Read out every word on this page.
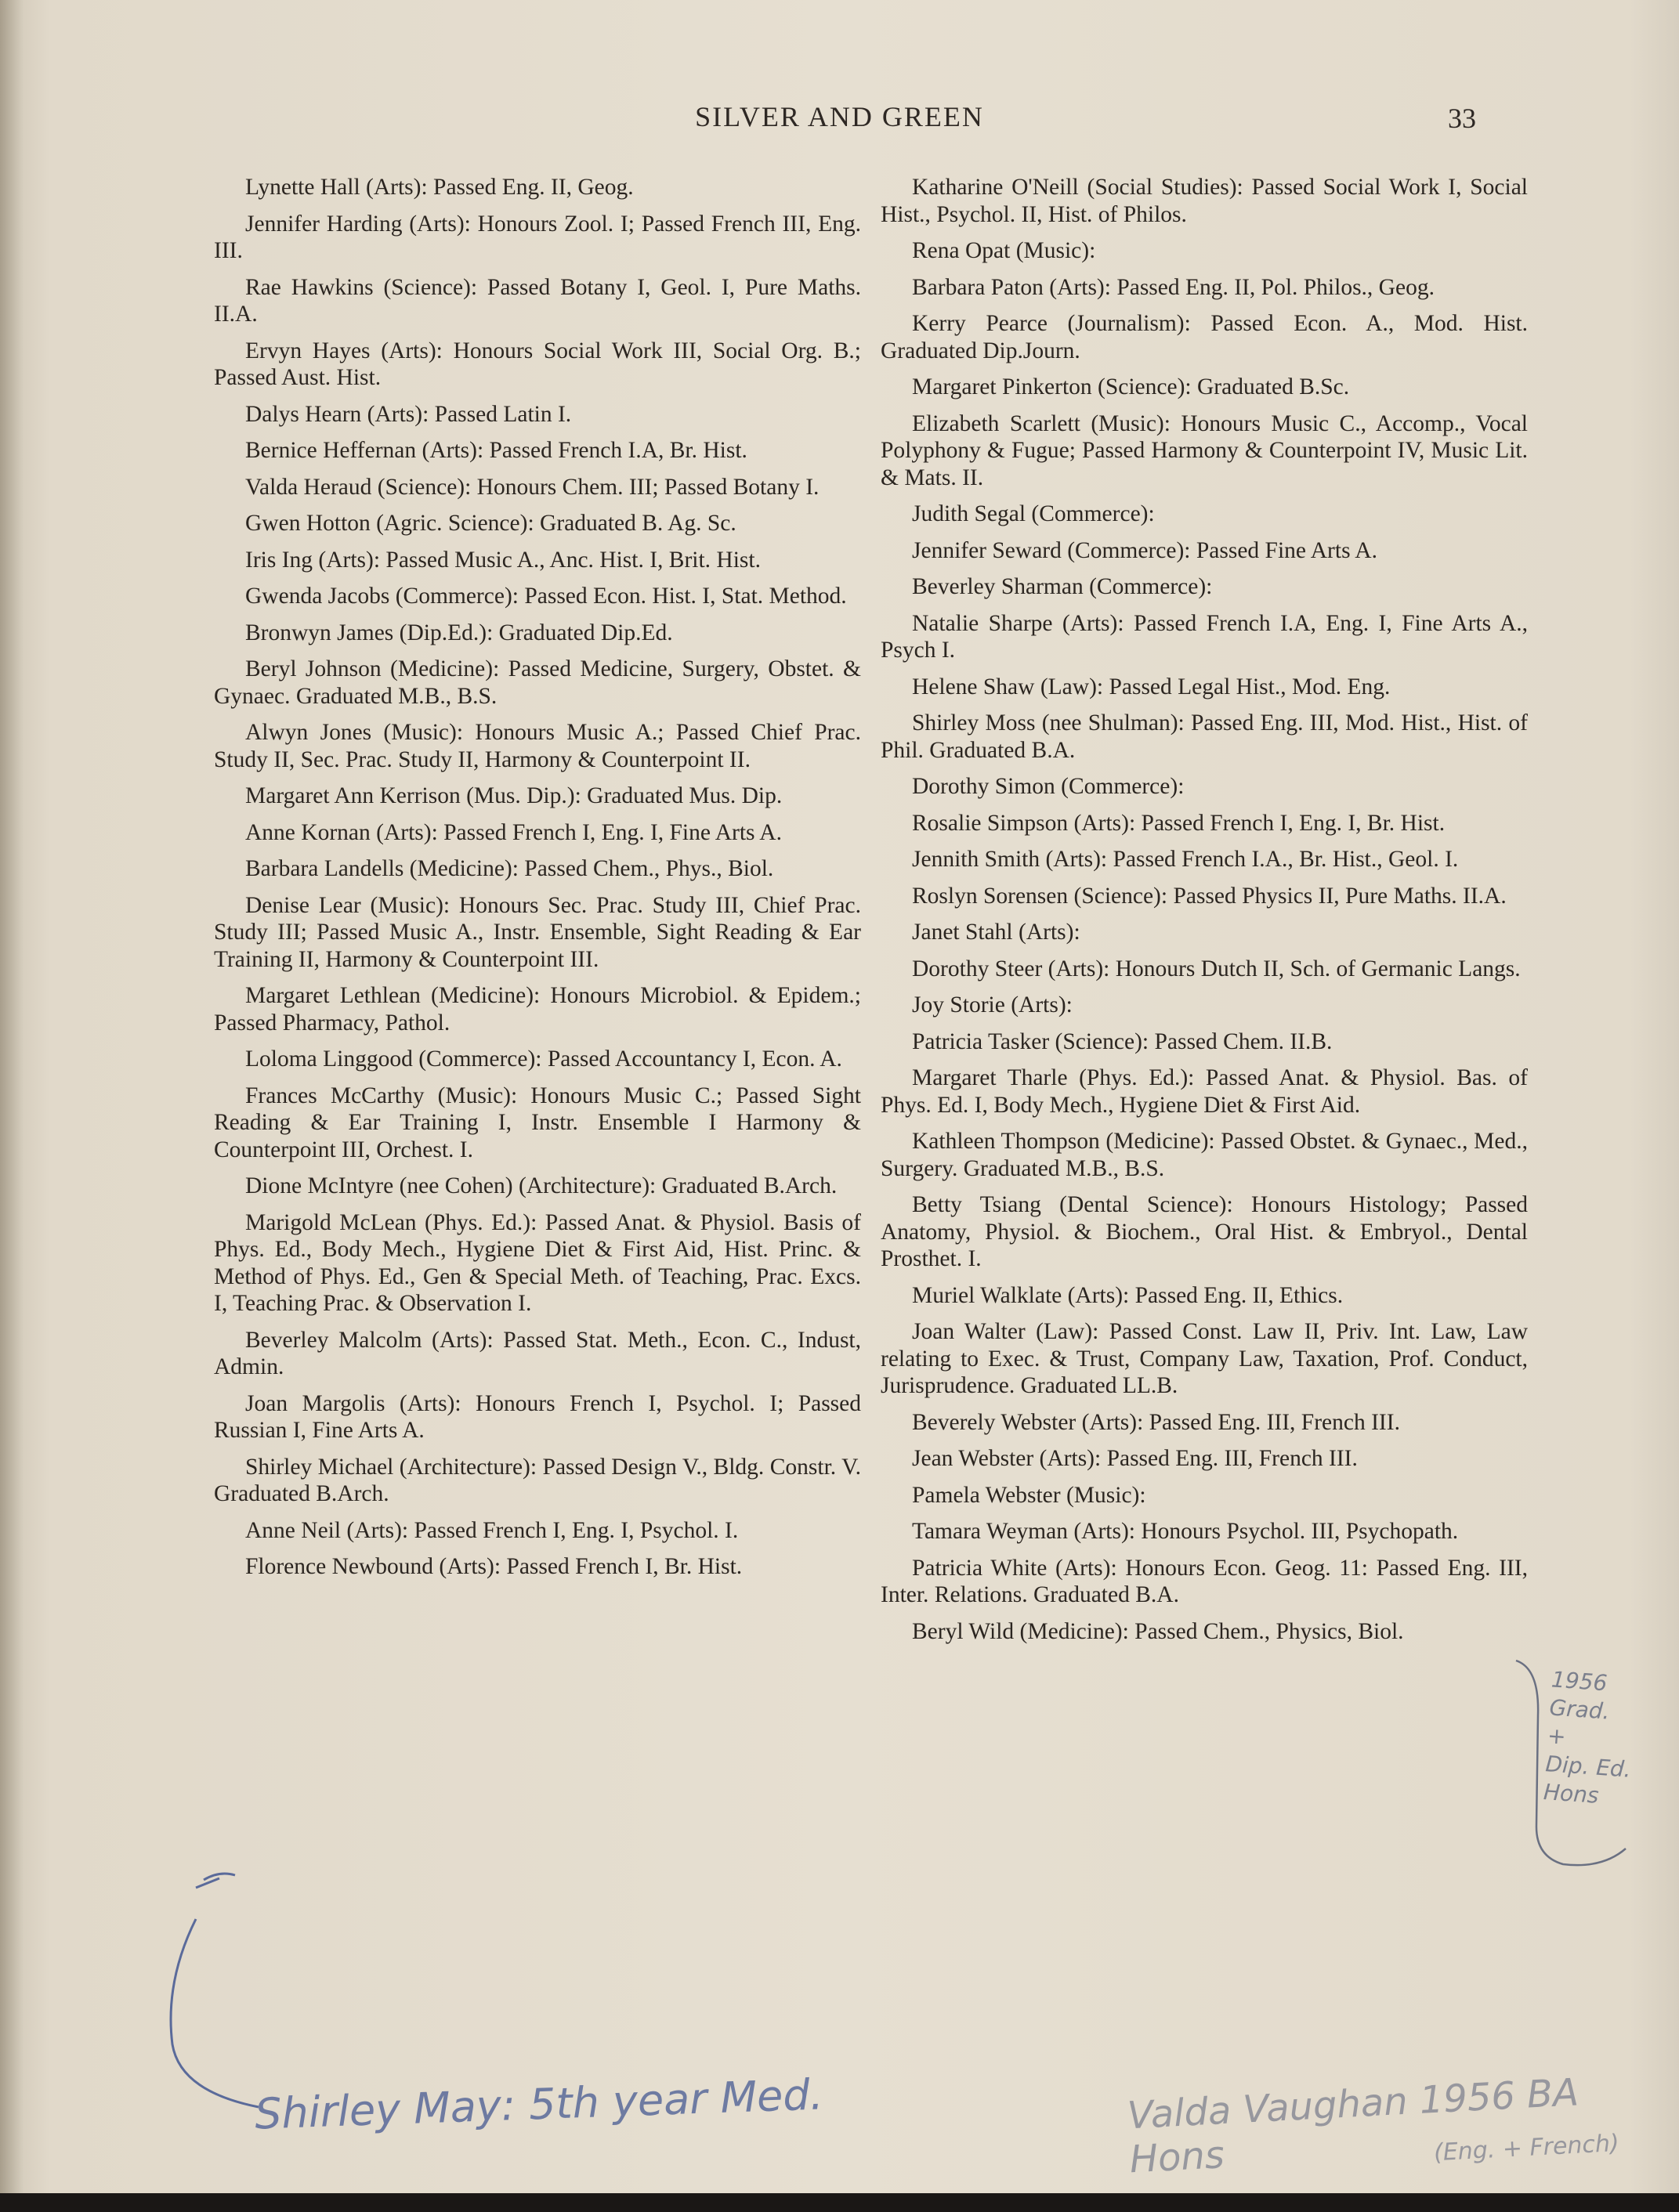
SILVER AND GREEN	33

Lynette Hall (Arts): Passed Eng. II, Geog.

Jennifer Harding (Arts): Honours Zool. I; Passed French III, Eng. III.

Rae Hawkins (Science): Passed Botany I, Geol. I, Pure Maths. II.A.

Ervyn Hayes (Arts): Honours Social Work III, Social Org. B.; Passed Aust. Hist.

Dalys Hearn (Arts): Passed Latin I.

Bernice Heffernan (Arts): Passed French I.A, Br. Hist.

Valda Heraud (Science): Honours Chem. III; Passed Botany I.

Gwen Hotton (Agric. Science): Graduated B. Ag. Sc.

Iris Ing (Arts): Passed Music A., Anc. Hist. I, Brit. Hist.

Gwenda Jacobs (Commerce): Passed Econ. Hist. I, Stat. Method.

Bronwyn James (Dip.Ed.): Graduated Dip.Ed.

Beryl Johnson (Medicine): Passed Medicine, Surgery, Obstet. & Gynaec. Graduated M.B., B.S.

Alwyn Jones (Music): Honours Music A.; Passed Chief Prac. Study II, Sec. Prac. Study II, Harmony & Counterpoint II.

Margaret Ann Kerrison (Mus. Dip.): Graduated Mus. Dip.

Anne Kornan (Arts): Passed French I, Eng. I, Fine Arts A.

Barbara Landells (Medicine): Passed Chem., Phys., Biol.

Denise Lear (Music): Honours Sec. Prac. Study III, Chief Prac. Study III; Passed Music A., Instr. Ensemble, Sight Reading & Ear Training II, Harmony & Counterpoint III.

Margaret Lethlean (Medicine): Honours Microbiol. & Epidem.; Passed Pharmacy, Pathol.

Loloma Linggood (Commerce): Passed Accountancy I, Econ. A.

Frances McCarthy (Music): Honours Music C.; Passed Sight Reading & Ear Training I, Instr. Ensemble I Harmony & Counterpoint III, Orchest. I.

Dione McIntyre (nee Cohen) (Architecture): Graduated B.Arch.

Marigold McLean (Phys. Ed.): Passed Anat. & Physiol. Basis of Phys. Ed., Body Mech., Hygiene Diet & First Aid, Hist. Princ. & Method of Phys. Ed., Gen & Special Meth. of Teaching, Prac. Excs. I, Teaching Prac. & Observation I.

Beverley Malcolm (Arts): Passed Stat. Meth., Econ. C., Indust, Admin.

Joan Margolis (Arts): Honours French I, Psychol. I; Passed Russian I, Fine Arts A.

Shirley Michael (Architecture): Passed Design V., Bldg. Constr. V. Graduated B.Arch.

Anne Neil (Arts): Passed French I, Eng. I, Psychol. I.

Florence Newbound (Arts): Passed French I, Br. Hist.

Katharine O'Neill (Social Studies): Passed Social Work I, Social Hist., Psychol. II, Hist. of Philos.

Rena Opat (Music):

Barbara Paton (Arts): Passed Eng. II, Pol. Philos., Geog.

Kerry Pearce (Journalism): Passed Econ. A., Mod. Hist. Graduated Dip.Journ.

Margaret Pinkerton (Science): Graduated B.Sc.

Elizabeth Scarlett (Music): Honours Music C., Accomp., Vocal Polyphony & Fugue; Passed Harmony & Counterpoint IV, Music Lit. & Mats. II.

Judith Segal (Commerce):

Jennifer Seward (Commerce): Passed Fine Arts A.

Beverley Sharman (Commerce):

Natalie Sharpe (Arts): Passed French I.A, Eng. I, Fine Arts A., Psych I.

Helene Shaw (Law): Passed Legal Hist., Mod. Eng.

Shirley Moss (nee Shulman): Passed Eng. III, Mod. Hist., Hist. of Phil. Graduated B.A.

Dorothy Simon (Commerce):

Rosalie Simpson (Arts): Passed French I, Eng. I, Br. Hist.

Jennith Smith (Arts): Passed French I.A., Br. Hist., Geol. I.

Roslyn Sorensen (Science): Passed Physics II, Pure Maths. II.A.

Janet Stahl (Arts):

Dorothy Steer (Arts): Honours Dutch II, Sch. of Germanic Langs.

Joy Storie (Arts):

Patricia Tasker (Science): Passed Chem. II.B.

Margaret Tharle (Phys. Ed.): Passed Anat. & Physiol. Bas. of Phys. Ed. I, Body Mech., Hygiene Diet & First Aid.

Kathleen Thompson (Medicine): Passed Obstet. & Gynaec., Med., Surgery. Graduated M.B., B.S.

Betty Tsiang (Dental Science): Honours Histology; Passed Anatomy, Physiol. & Biochem., Oral Hist. & Embryol., Dental Prosthet. I.

Muriel Walklate (Arts): Passed Eng. II, Ethics.

Joan Walter (Law): Passed Const. Law II, Priv. Int. Law, Law relating to Exec. & Trust, Company Law, Taxation, Prof. Conduct, Jurisprudence. Graduated LL.B.

Beverely Webster (Arts): Passed Eng. III, French III.

Jean Webster (Arts): Passed Eng. III, French III.

Pamela Webster (Music):

Tamara Weyman (Arts): Honours Psychol. III, Psychopath.

Patricia White (Arts): Honours Econ. Geog. 11: Passed Eng. III, Inter. Relations. Graduated B.A.

Beryl Wild (Medicine): Passed Chem., Physics, Biol.

Shirley May: 5th year Med.	Valda Vaughan 1956 BA Hons	(Eng. + French)
1956
Grad.
+
Dip. Ed.
Hons
